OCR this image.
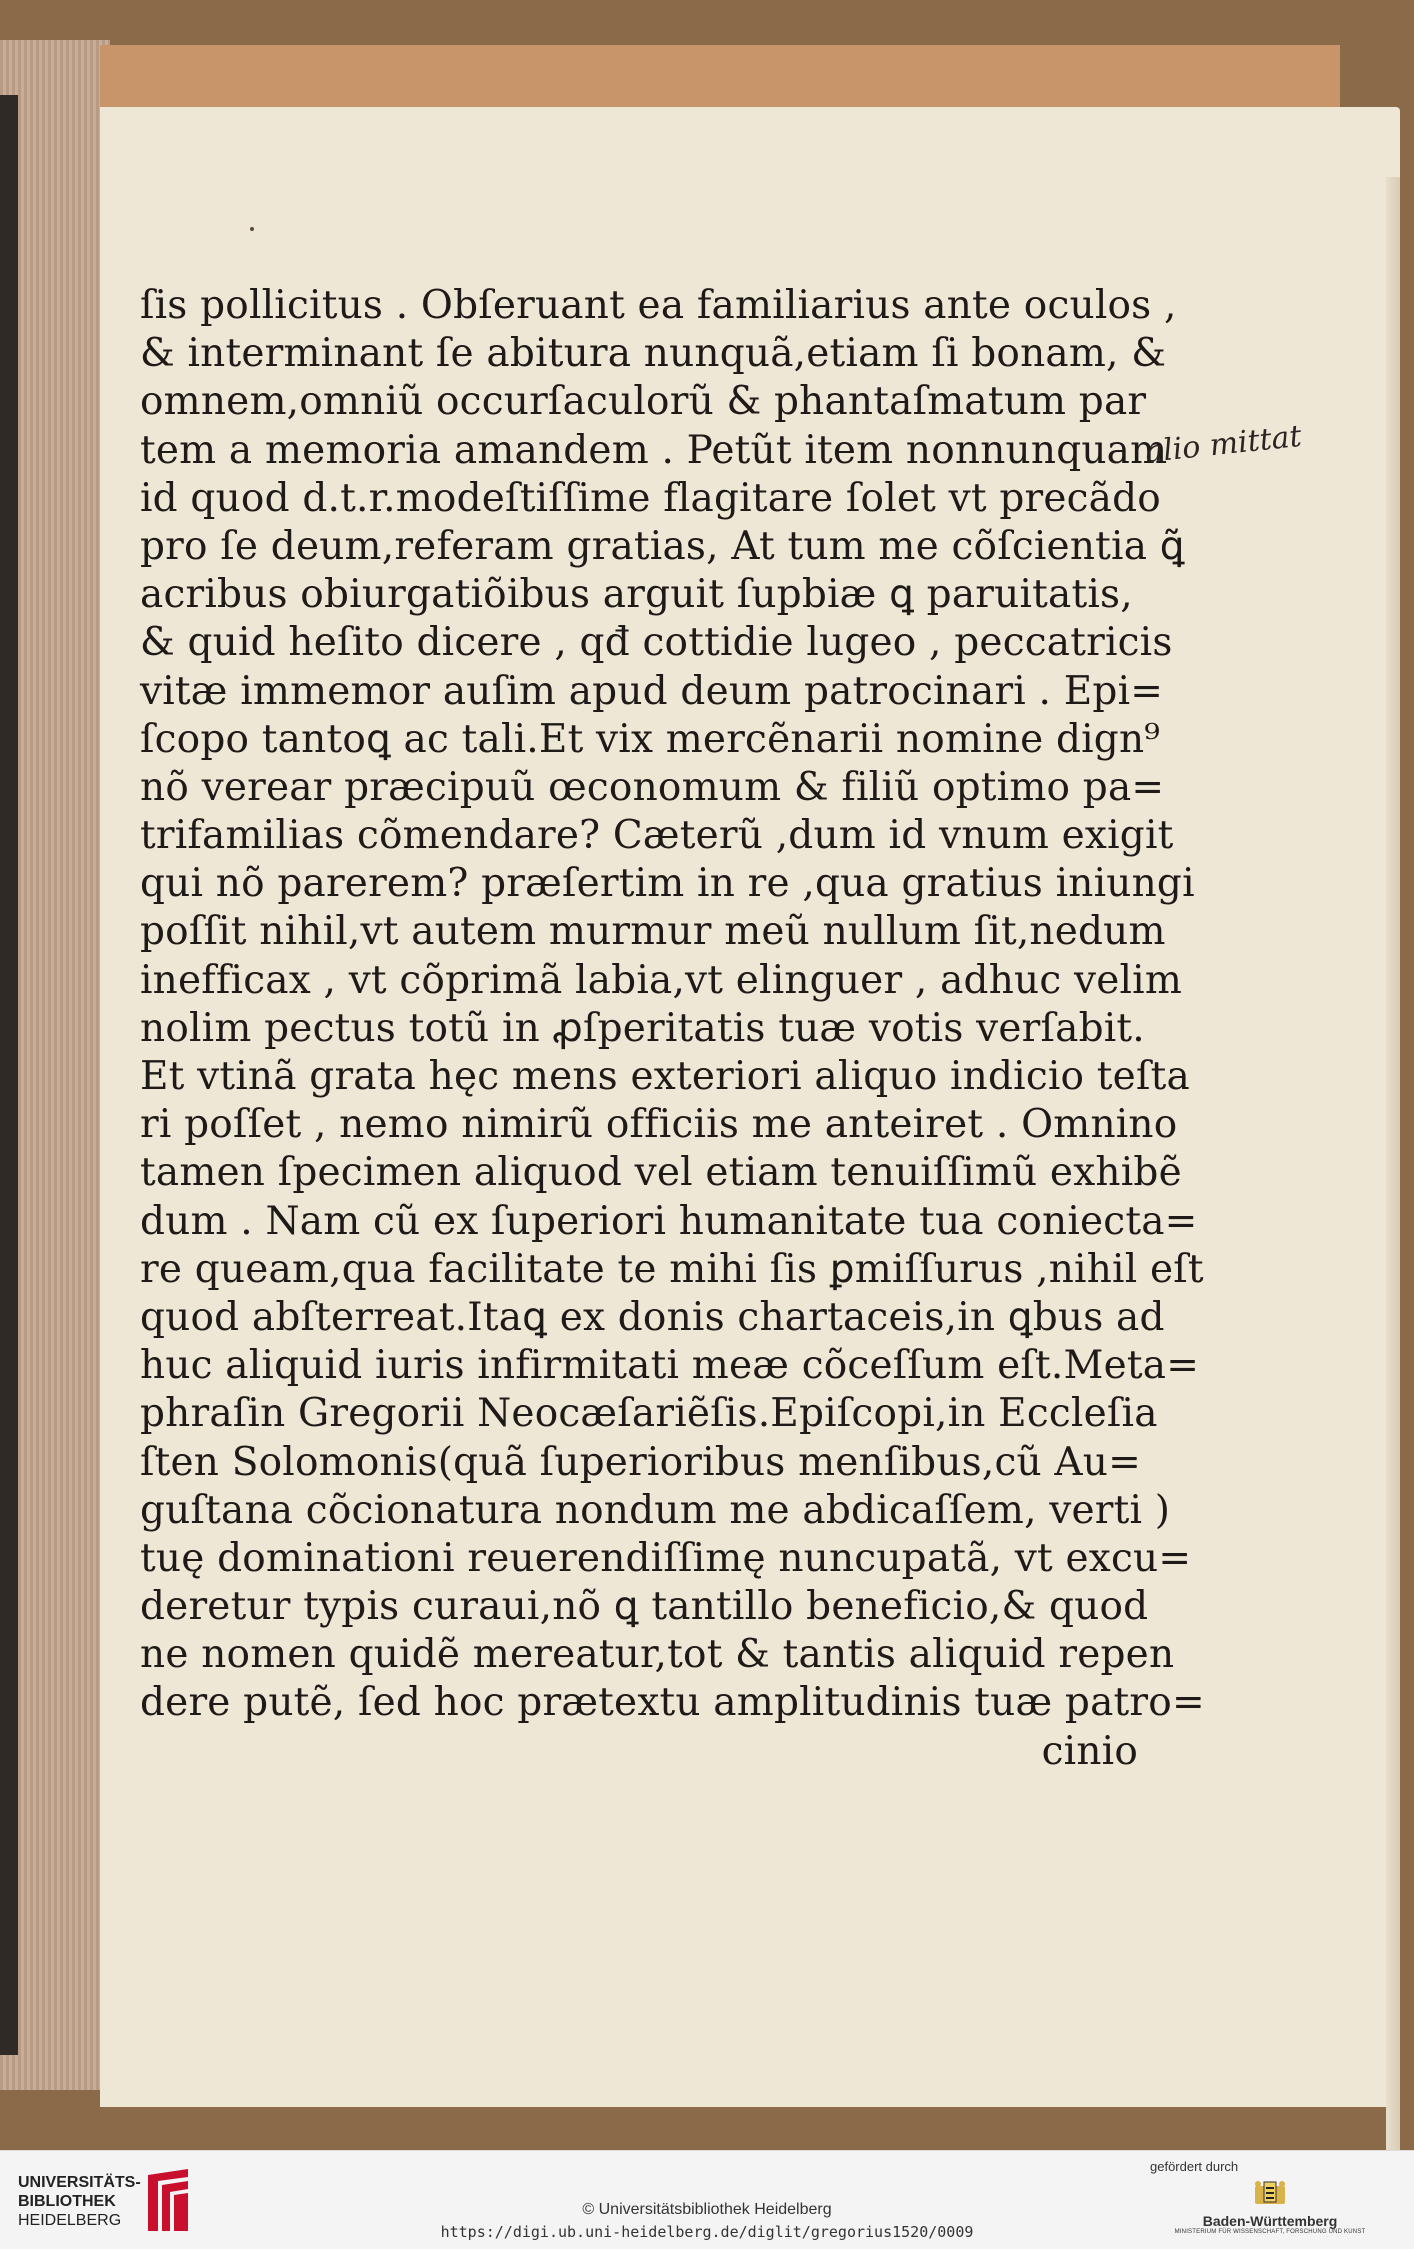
ſis pollicitus . Obſeruant ea familiarius ante oculos ,
& interminant ſe abitura nunquã,etiam ſi bonam, &
omnem,omniũ occurſaculorũ & phantaſmatum par
tem a memoria amandem . Petũt item nonnunquam
id quod d.t.r.modeſtiſſime flagitare ſolet vt precãdo
pro ſe deum,referam gratias, At tum me cõſcientia ꝗ̃
acribus obiurgatiõibus arguit ſupbiæ ꝗ paruitatis,
& quid heſito dicere , qđ cottidie lugeo , peccatricis
vitæ immemor auſim apud deum patrocinari . Epi=
ſcopo tantoꝗ ac tali.Et vix mercẽnarii nomine dign⁹
nõ verear præcipuũ œconomum & filiũ optimo pa=
trifamilias cõmendare? Cæterũ ,dum id vnum exigit
qui nõ parerem? præſertim in re ,qua gratius iniungi
poſſit nihil,vt autem murmur meũ nullum ſit,nedum
inefficax , vt cõprimã labia,vt elinguer , adhuc velim
nolim pectus totũ in ꝓſperitatis tuæ votis verſabit.
Et vtinã grata hęc mens exteriori aliquo indicio teſta
ri poſſet , nemo nimirũ officiis me anteiret . Omnino
tamen ſpecimen aliquod vel etiam tenuiſſimũ exhibẽ
dum . Nam cũ ex ſuperiori humanitate tua coniecta=
re queam,qua facilitate te mihi ſis ꝑmiſſurus ,nihil eſt
quod abſterreat.Itaꝗ ex donis chartaceis,in ꝗbus ad
huc aliquid iuris infirmitati meæ cõceſſum eſt.Meta=
phraſin Gregorii Neocæſariẽſis.Epiſcopi,in Eccleſia
ſten Solomonis(quã ſuperioribus menſibus,cũ Au=
guſtana cõcionatura nondum me abdicaſſem, verti )
tuę dominationi reuerendiſſimę nuncupatã, vt excu=
deretur typis curaui,nõ ꝗ tantillo beneficio,& quod
ne nomen quidẽ mereatur,tot & tantis aliquid repen
dere putẽ, ſed hoc prætextu amplitudinis tuæ patro=
cinio
alio mittat
UNIVERSITÄTS-
BIBLIOTHEK
HEIDELBERG
© Universitätsbibliothek Heidelberg
https://digi.ub.uni-heidelberg.de/diglit/gregorius1520/0009
gefördert durch
Baden-Württemberg
MINISTERIUM FÜR WISSENSCHAFT, FORSCHUNG UND KUNST
